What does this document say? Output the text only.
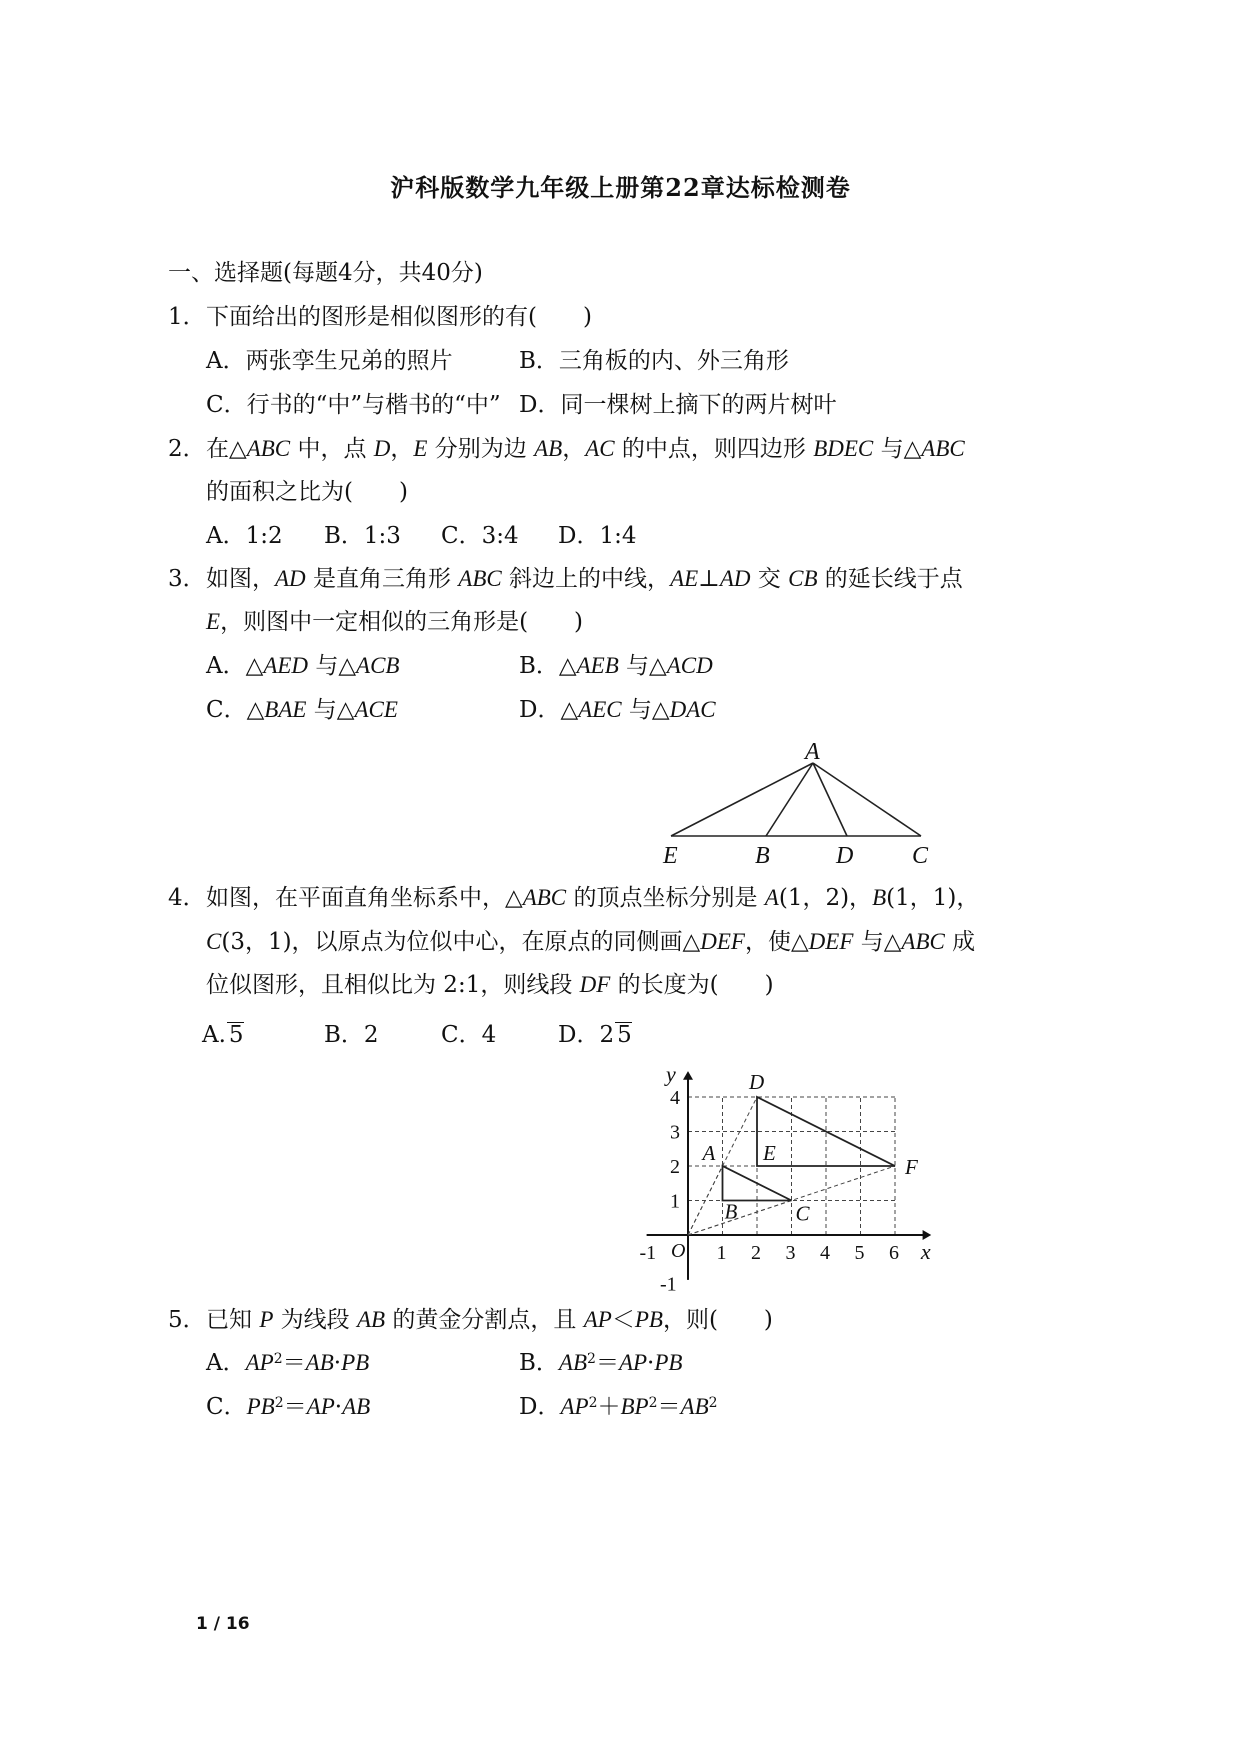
沪科版数学九年级上册第22章达标检测卷
一、选择题(每题4分，共40分)
1．下面给出的图形是相似图形的有(　　)
A．两张孪生兄弟的照片	B．三角板的内、外三角形
C．行书的“中”与楷书的“中” D．同一棵树上摘下的两片树叶
2．在△ABC 中，点 D，E 分别为边 AB，AC 的中点，则四边形 BDEC 与△ABC
的面积之比为(　　)
A．1:2 B．1:3 C．3:4 D．1:4
3．如图，AD 是直角三角形 ABC 斜边上的中线，AE⊥AD 交 CB 的延长线于点
E，则图中一定相似的三角形是(　　)
A．△AED 与△ACB	B．△AEB 与△ACD
C．△BAE 与△ACE	D．△AEC 与△DAC
A
E	B	D C
4．如图，在平面直角坐标系中，△ABC 的顶点坐标分别是 A(1，2)，B(1，1)，
C(3，1)，以原点为位似中心，在原点的同侧画△DEF，使△DEF 与△ABC 成
位似图形，且相似比为 2:1，则线段 DF 的长度为(　　)
A. 5	B．2	C．4	D．2 5
-1	1 2 3 4 5 6
-1
1
2
3
4
x
y
O
A
B	C
D
E
F
5．已知 P 为线段 AB 的黄金分割点，且 AP＜PB，则(　　)
A．$AP^2=AB\cdot PB$	B．$AB^2=AP\cdot PB$
C．$PB^2=AP\cdot AB$	D．$AP^2+BP^2=AB^2$
1 / 16
